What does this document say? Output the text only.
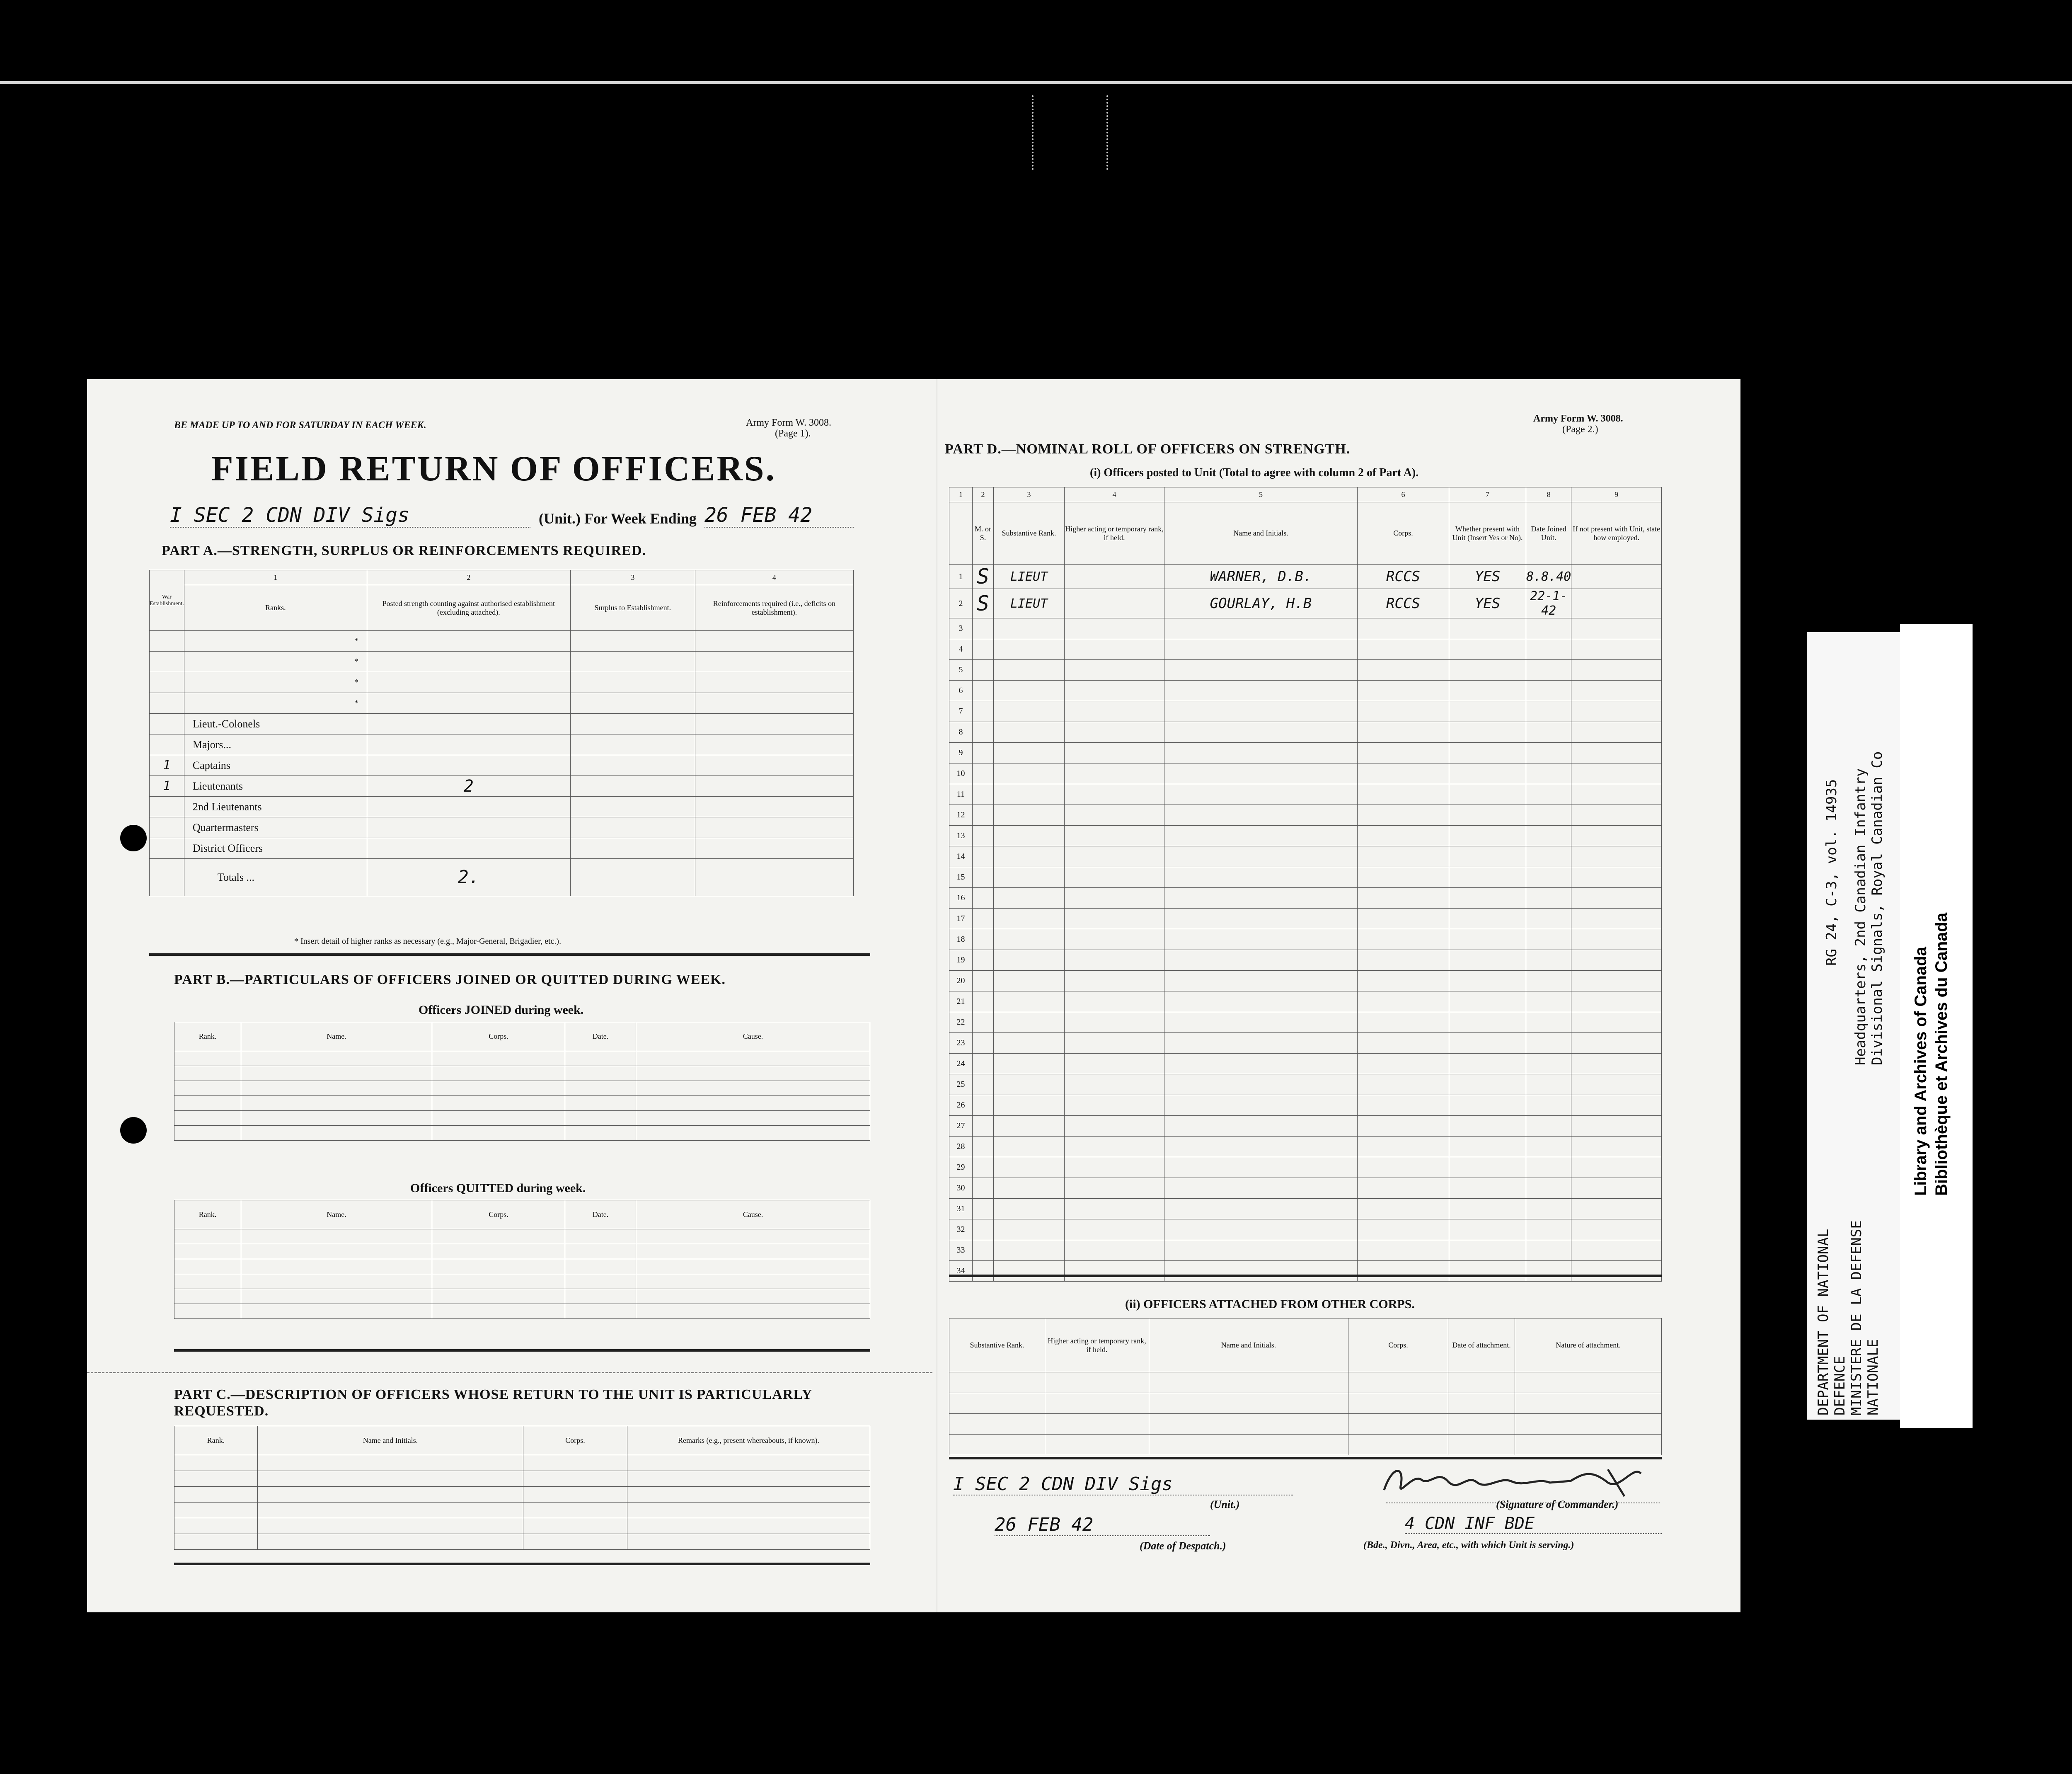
BE MADE UP TO AND FOR SATURDAY IN EACH WEEK.	Army Form W. 3008.
(Page 1).
FIELD RETURN OF OFFICERS.
I SEC 2 CDN DIV Sigs	(Unit.) For Week Ending 26 FEB 42
PART A.—STRENGTH, SURPLUS OR REINFORCEMENTS REQUIRED.
War Establishment.	1	2	3	4
	Ranks.	Posted strength counting against authorised establishment (excluding attached).	Surplus to Establishment.	Reinforcements required (i.e., deficits on establishment).
	*			
	*			
	*			
	*			
	Lieut.-Colonels			
	Majors...			
1	Captains			
1	Lieutenants	2		
	2nd Lieutenants			
	Quartermasters			
	District Officers			
	Totals ...	2.		
* Insert detail of higher ranks as necessary (e.g., Major-General, Brigadier, etc.).
PART B.—PARTICULARS OF OFFICERS JOINED OR QUITTED DURING WEEK.
Officers JOINED during week.
Rank.	Name.	Corps.	Date.	Cause.

Officers QUITTED during week.
Rank.	Name.	Corps.	Date.	Cause.

PART C.—DESCRIPTION OF OFFICERS WHOSE RETURN TO THE UNIT IS PARTICULARLY REQUESTED.
Rank.	Name and Initials.	Corps.	Remarks (e.g., present whereabouts, if known).

Army Form W. 3008.
(Page 2.)
PART D.—NOMINAL ROLL OF OFFICERS ON STRENGTH.
(i) Officers posted to Unit (Total to agree with column 2 of Part A).
1	2	3	4	5	6	7	8	9
	M. or S.	Substantive Rank.	Higher acting or temporary rank, if held.	Name and Initials.	Corps.	Whether present with Unit (Insert Yes or No).	Date Joined Unit.	If not present with Unit, state how employed.
1	S	LIEUT		WARNER, D.B.	RCCS	YES	8.8.40	
2	S	LIEUT		GOURLAY, H.B	RCCS	YES	22-1-42	
3								
4								
5								
6								
7								
8								
9								
10								
11								
12								
13								
14								
15								
16								
17								
18								
19								
20								
21								
22								
23								
24								
25								
26								
27								
28								
29								
30								
31								
32								
33								
34								
(ii) OFFICERS ATTACHED FROM OTHER CORPS.
Substantive Rank.	Higher acting or temporary rank, if held.	Name and Initials.	Corps.	Date of attachment.	Nature of attachment.

I SEC 2 CDN DIV Sigs
(Unit.)
26 FEB 42
(Date of Despatch.)
(Signature of Commander.)
4 CDN INF BDE
(Bde., Divn., Area, etc., with which Unit is serving.)
DEPARTMENT OF NATIONAL DEFENCE MINISTERE DE LA DEFENSE NATIONALE
RG 24, C-3, vol. 14935 Headquarters, 2nd Canadian Infantry Divisional Signals, Royal Canadian Co
Library and Archives of Canada Bibliothèque et Archives du Canada
